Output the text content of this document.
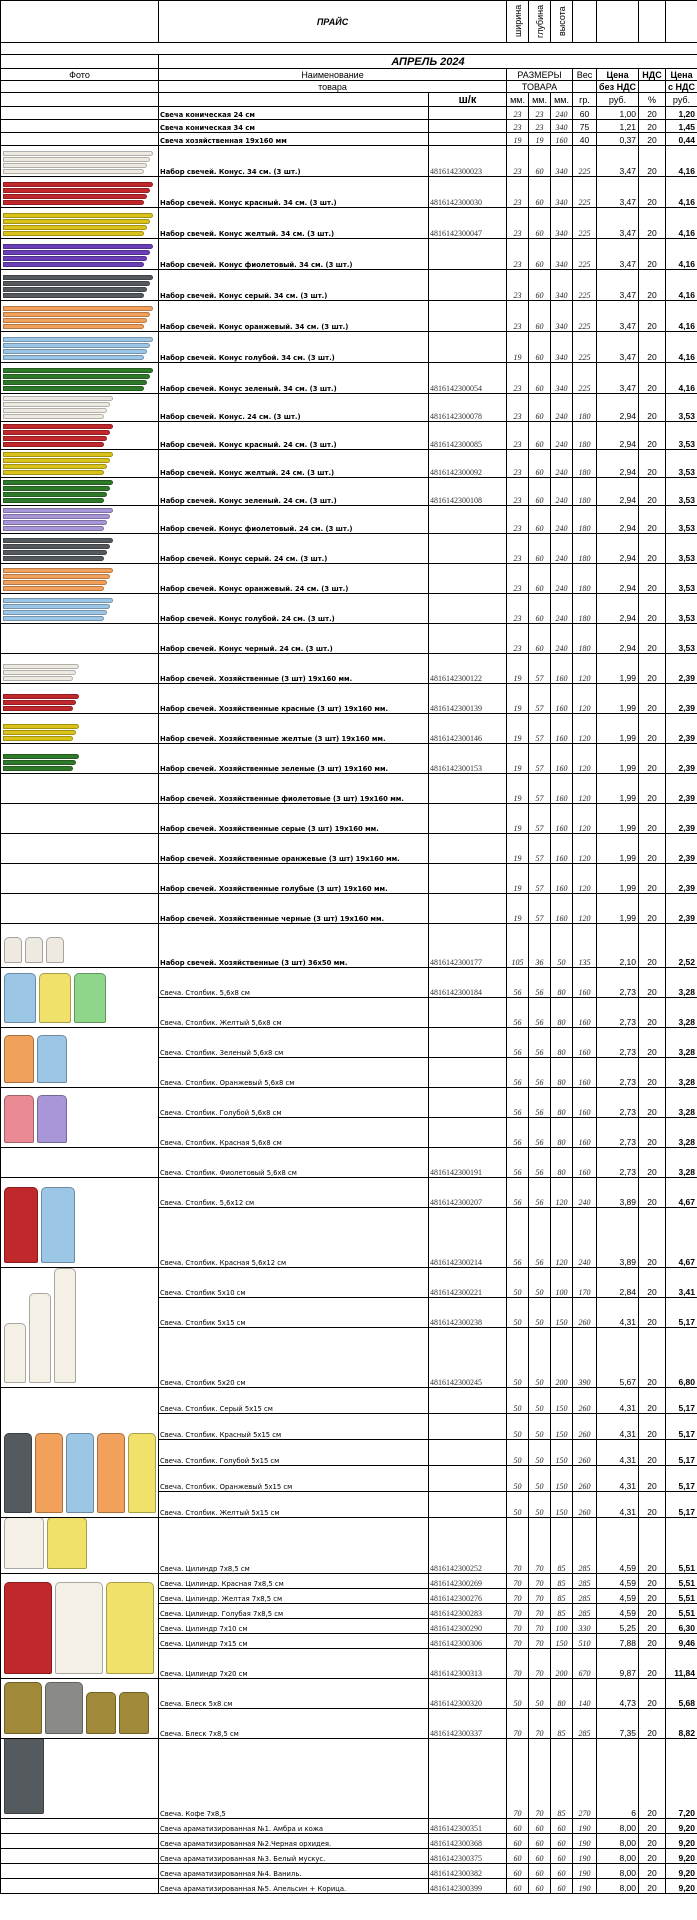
	ПРАЙС		ширина	глубина	высота				

	АПРЕЛЬ 2024								
Фото	Наименование		РАЗМЕРЫ			Вес	Цена	НДС	Цена
	товара		ТОВАРА				без НДС		с НДС
		ш/к	мм.	мм.	мм.	гр.	руб.	%	руб.
	Свеча коническая 24 см		23	23	240	60	1,00	20	1,20
	Свеча коническая 34 см		23	23	340	75	1,21	20	1,45
	Свеча хозяйственная 19х160 мм		19	19	160	40	0,37	20	0,44

	Набор свечей. Конус. 34 см. (3 шт.)	4816142300023	23	60	340	225	3,47	20	4,16

	Набор свечей. Конус красный. 34 см. (3 шт.)	4816142300030	23	60	340	225	3,47	20	4,16

	Набор свечей. Конус желтый. 34 см. (3 шт.)	4816142300047	23	60	340	225	3,47	20	4,16

	Набор свечей. Конус фиолетовый. 34 см. (3 шт.)		23	60	340	225	3,47	20	4,16

	Набор свечей. Конус серый. 34 см. (3 шт.)		23	60	340	225	3,47	20	4,16

	Набор свечей. Конус оранжевый. 34 см. (3 шт.)		23	60	340	225	3,47	20	4,16

	Набор свечей. Конус голубой. 34 см. (3 шт.)		19	60	340	225	3,47	20	4,16

	Набор свечей. Конус зеленый. 34 см. (3 шт.)	4816142300054	23	60	340	225	3,47	20	4,16

	Набор свечей. Конус. 24 см. (3 шт.)	4816142300078	23	60	240	180	2,94	20	3,53

	Набор свечей. Конус красный. 24 см. (3 шт.)	4816142300085	23	60	240	180	2,94	20	3,53

	Набор свечей. Конус желтый. 24 см. (3 шт.)	4816142300092	23	60	240	180	2,94	20	3,53

	Набор свечей. Конус зеленый. 24 см. (3 шт.)	4816142300108	23	60	240	180	2,94	20	3,53

	Набор свечей. Конус фиолетовый. 24 см. (3 шт.)		23	60	240	180	2,94	20	3,53

	Набор свечей. Конус серый. 24 см. (3 шт.)		23	60	240	180	2,94	20	3,53

	Набор свечей. Конус оранжевый. 24 см. (3 шт.)		23	60	240	180	2,94	20	3,53

	Набор свечей. Конус голубой. 24 см. (3 шт.)		23	60	240	180	2,94	20	3,53
	Набор свечей. Конус черный. 24 см. (3 шт.)		23	60	240	180	2,94	20	3,53

	Набор свечей. Хозяйственные (3 шт) 19х160 мм.	4816142300122	19	57	160	120	1,99	20	2,39

	Набор свечей. Хозяйственные красные (3 шт) 19х160 мм.	4816142300139	19	57	160	120	1,99	20	2,39

	Набор свечей. Хозяйственные желтые (3 шт) 19х160 мм.	4816142300146	19	57	160	120	1,99	20	2,39

	Набор свечей. Хозяйственные зеленые (3 шт) 19х160 мм.	4816142300153	19	57	160	120	1,99	20	2,39
	Набор свечей. Хозяйственные фиолетовые (3 шт) 19х160 мм.		19	57	160	120	1,99	20	2,39
	Набор свечей. Хозяйственные серые (3 шт) 19х160 мм.		19	57	160	120	1,99	20	2,39
	Набор свечей. Хозяйственные оранжевые (3 шт) 19х160 мм.		19	57	160	120	1,99	20	2,39
	Набор свечей. Хозяйственные голубые (3 шт) 19х160 мм.		19	57	160	120	1,99	20	2,39
	Набор свечей. Хозяйственные черные (3 шт) 19х160 мм.		19	57	160	120	1,99	20	2,39

	Набор свечей. Хозяйственные (3 шт) 36х50 мм.	4816142300177	105	36	50	135	2,10	20	2,52

	Свеча. Столбик. 5,6х8 см	4816142300184	56	56	80	160	2,73	20	3,28
	Свеча. Столбик. Желтый 5,6х8 см		56	56	80	160	2,73	20	3,28

	Свеча. Столбик. Зеленый 5,6х8 см		56	56	80	160	2,73	20	3,28
	Свеча. Столбик. Оранжевый 5,6х8 см		56	56	80	160	2,73	20	3,28

	Свеча. Столбик. Голубой 5,6х8 см		56	56	80	160	2,73	20	3,28
	Свеча. Столбик. Красная 5,6х8 см		56	56	80	160	2,73	20	3,28
	Свеча. Столбик. Фиолетовый 5,6х8 см	4816142300191	56	56	80	160	2,73	20	3,28

	Свеча. Столбик. 5,6х12 см	4816142300207	56	56	120	240	3,89	20	4,67
	Свеча. Столбик. Красная 5,6х12 см	4816142300214	56	56	120	240	3,89	20	4,67

	Свеча. Столбик 5х10 см	4816142300221	50	50	100	170	2,84	20	3,41
	Свеча. Столбик 5х15 см	4816142300238	50	50	150	260	4,31	20	5,17
	Свеча. Столбик 5х20 см	4816142300245	50	50	200	390	5,67	20	6,80

	Свеча. Столбик. Серый 5х15 см		50	50	150	260	4,31	20	5,17
	Свеча. Столбик. Красный 5х15 см		50	50	150	260	4,31	20	5,17
	Свеча. Столбик. Голубой 5х15 см		50	50	150	260	4,31	20	5,17
	Свеча. Столбик. Оранжевый 5х15 см		50	50	150	260	4,31	20	5,17
	Свеча. Столбик. Желтый 5х15 см		50	50	150	260	4,31	20	5,17

	Свеча. Цилиндр 7х8,5 см	4816142300252	70	70	85	285	4,59	20	5,51

	Свеча. Цилиндр. Красная 7х8,5 см	4816142300269	70	70	85	285	4,59	20	5,51
	Свеча. Цилиндр. Желтая 7х8,5 см	4816142300276	70	70	85	285	4,59	20	5,51
	Свеча. Цилиндр. Голубая 7х8,5 см	4816142300283	70	70	85	285	4,59	20	5,51
	Свеча. Цилиндр 7х10 см	4816142300290	70	70	100	330	5,25	20	6,30
	Свеча. Цилиндр 7х15 см	4816142300306	70	70	150	510	7,88	20	9,46
	Свеча. Цилиндр 7х20 см	4816142300313	70	70	200	670	9,87	20	11,84

	Свеча. Блеск 5х8 см	4816142300320	50	50	80	140	4,73	20	5,68
	Свеча. Блеск 7х8,5 см	4816142300337	70	70	85	285	7,35	20	8,82

	Свеча. Кофе 7х8,5		70	70	85	270	6	20	7,20
	Свеча араматизированная №1. Амбра и кожа	4816142300351	60	60	60	190	8,00	20	9,20
	Свеча араматизированная №2.Черная орхидея.	4816142300368	60	60	60	190	8,00	20	9,20
	Свеча араматизированная №3. Белый мускус.	4816142300375	60	60	60	190	8,00	20	9,20
	Свеча араматизированная №4. Ваниль.	4816142300382	60	60	60	190	8,00	20	9,20
	Свеча араматизированная №5. Апельсин + Корица.	4816142300399	60	60	60	190	8,00	20	9,20
